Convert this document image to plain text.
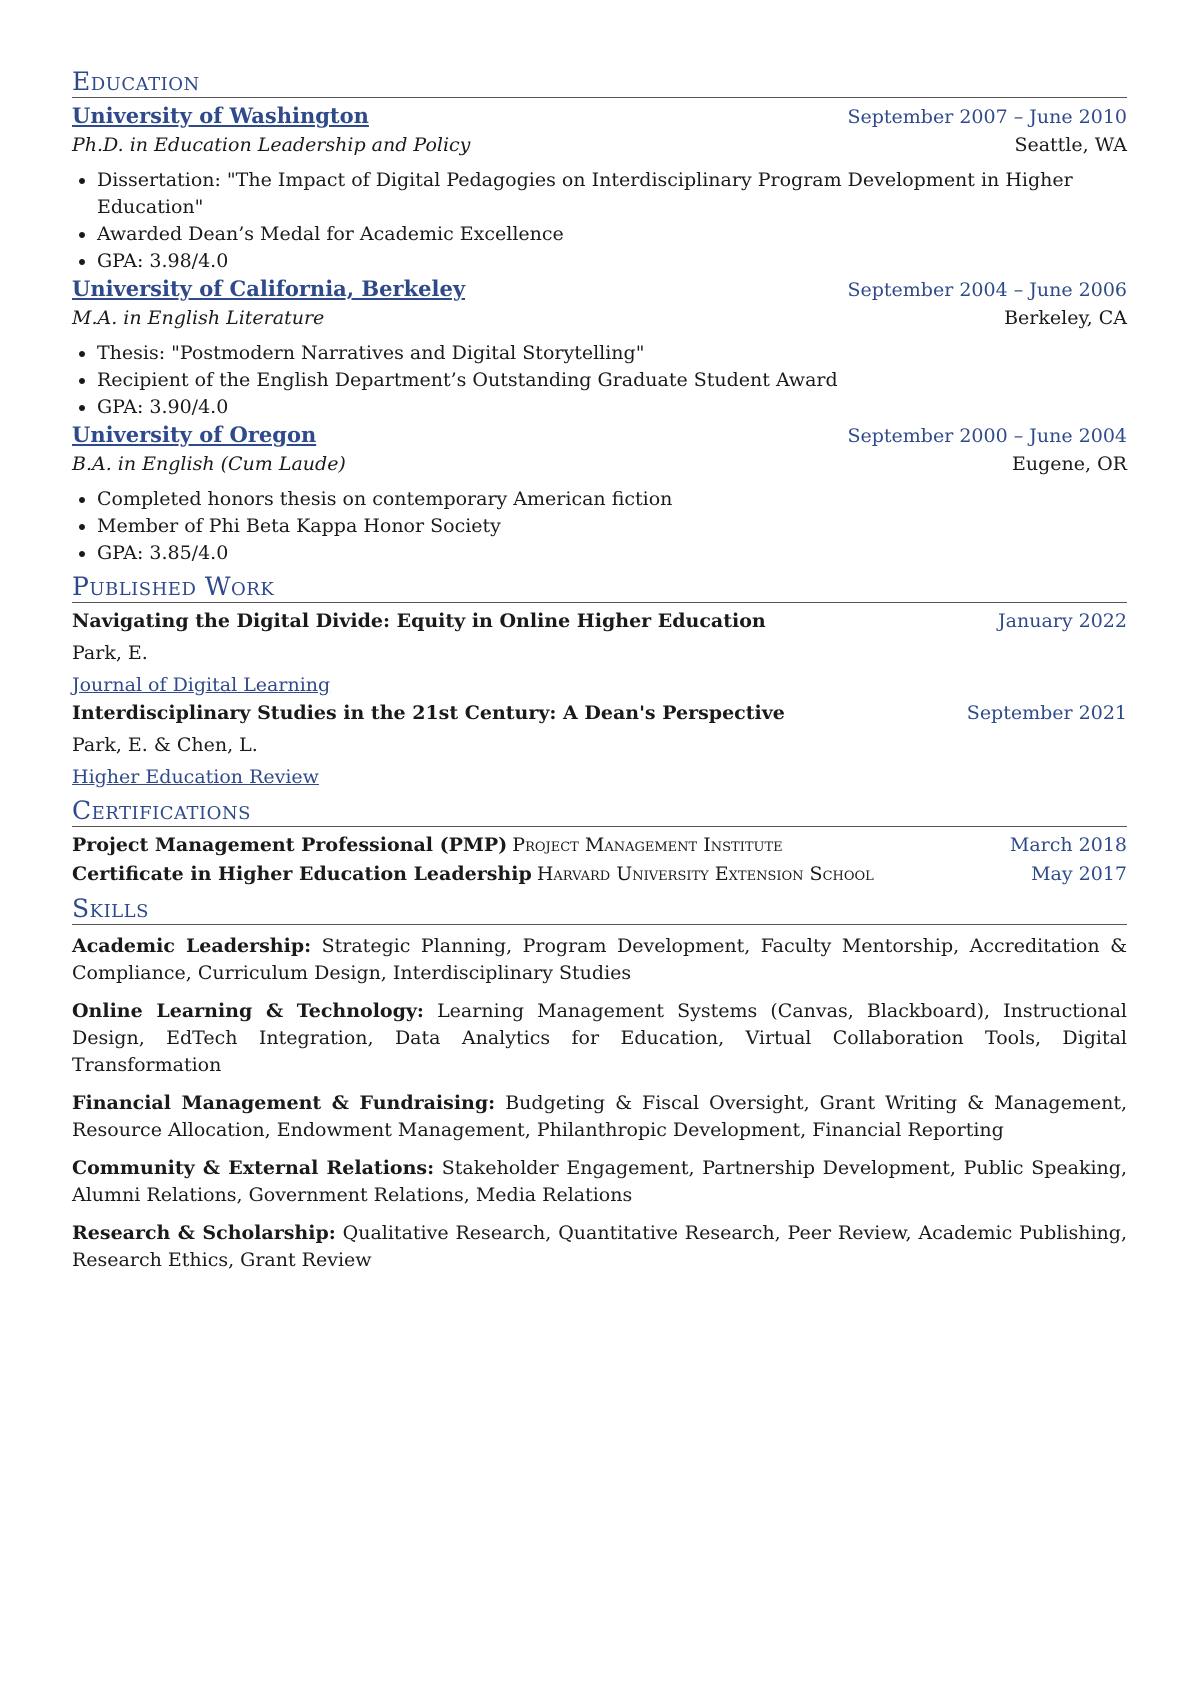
Education
University of Washington	September 2007 – June 2010
Ph.D. in Education Leadership and Policy	Seattle, WA
• Dissertation: "The Impact of Digital Pedagogies on Interdisciplinary Program Development in Higher Education"
• Awarded Dean’s Medal for Academic Excellence
• GPA: 3.98/4.0
University of California, Berkeley	September 2004 – June 2006
M.A. in English Literature	Berkeley, CA
• Thesis: "Postmodern Narratives and Digital Storytelling"
• Recipient of the English Department’s Outstanding Graduate Student Award
• GPA: 3.90/4.0
University of Oregon	September 2000 – June 2004
B.A. in English (Cum Laude)	Eugene, OR
• Completed honors thesis on contemporary American fiction
• Member of Phi Beta Kappa Honor Society
• GPA: 3.85/4.0
Published Work
Navigating the Digital Divide: Equity in Online Higher Education	January 2022
Park, E.
Journal of Digital Learning
Interdisciplinary Studies in the 21st Century: A Dean's Perspective	September 2021
Park, E. & Chen, L.
Higher Education Review
Certifications
Project Management Professional (PMP) Project Management Institute	March 2018
Certificate in Higher Education Leadership Harvard University Extension School	May 2017
Skills
Academic Leadership: Strategic Planning, Program Development, Faculty Mentorship, Accreditation & Compliance, Curriculum Design, Interdisciplinary Studies
Online Learning & Technology: Learning Management Systems (Canvas, Blackboard), Instructional Design, EdTech Integration, Data Analytics for Education, Virtual Collaboration Tools, Digital Transformation
Financial Management & Fundraising: Budgeting & Fiscal Oversight, Grant Writing & Management, Resource Allocation, Endowment Management, Philanthropic Development, Financial Reporting
Community & External Relations: Stakeholder Engagement, Partnership Development, Public Speaking, Alumni Relations, Government Relations, Media Relations
Research & Scholarship: Qualitative Research, Quantitative Research, Peer Review, Academic Publishing, Research Ethics, Grant Review
